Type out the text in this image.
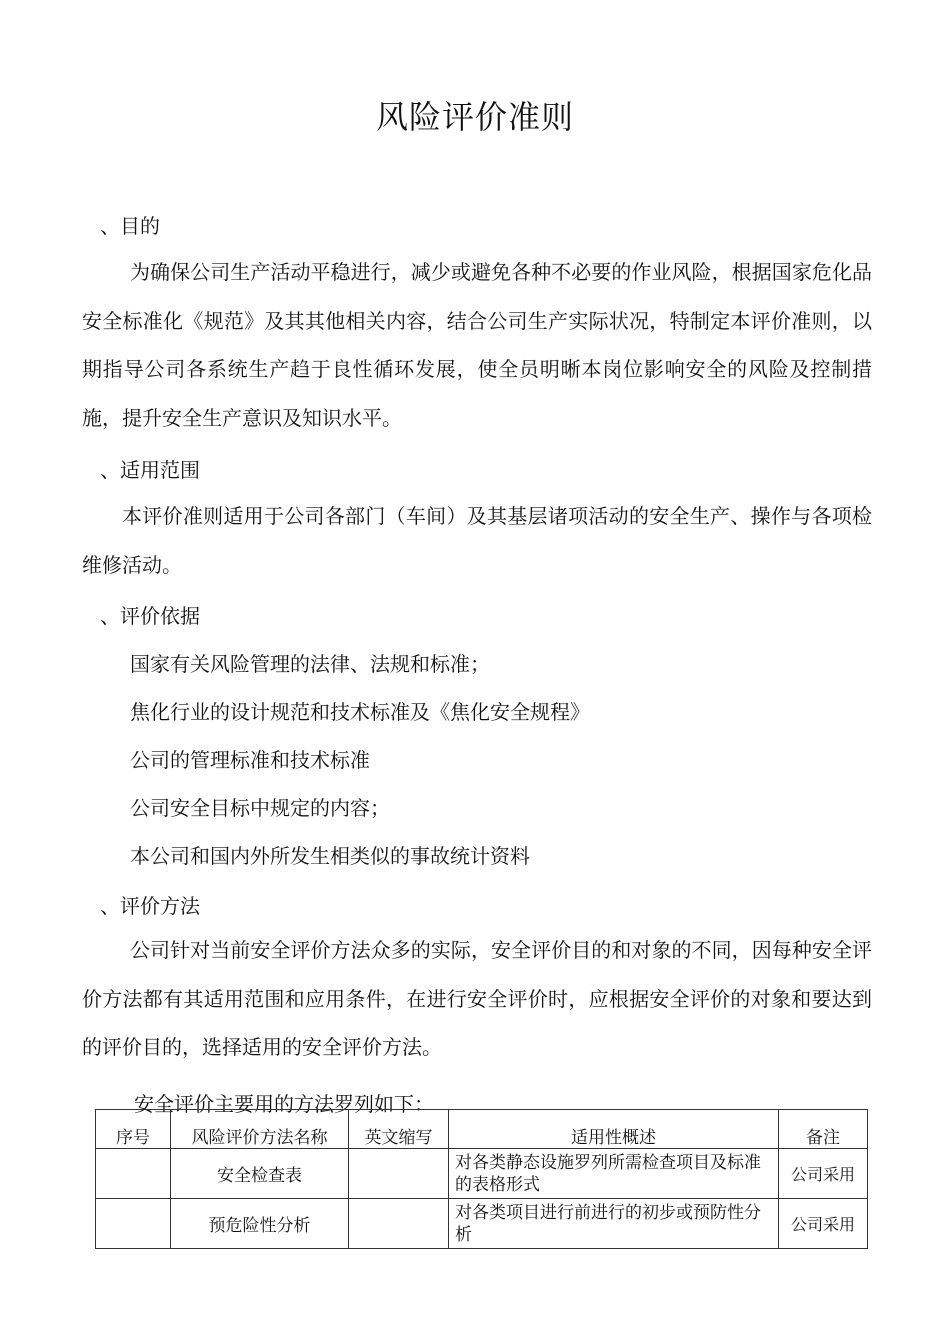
风险评价准则
、目的
为确保公司生产活动平稳进行，减少或避免各种不必要的作业风险，根据国家危化品安全标准化《规范》及其其他相关内容，结合公司生产实际状况，特制定本评价准则，以期指导公司各系统生产趋于良性循环发展，使全员明晰本岗位影响安全的风险及控制措施，提升安全生产意识及知识水平。
、适用范围
本评价准则适用于公司各部门（车间）及其基层诸项活动的安全生产、操作与各项检维修活动。
、评价依据
国家有关风险管理的法律、法规和标准；
焦化行业的设计规范和技术标准及《焦化安全规程》
公司的管理标准和技术标准
公司安全目标中规定的内容；
本公司和国内外所发生相类似的事故统计资料
、评价方法
公司针对当前安全评价方法众多的实际，安全评价目的和对象的不同，因每种安全评价方法都有其适用范围和应用条件，在进行安全评价时，应根据安全评价的对象和要达到的评价目的，选择适用的安全评价方法。
安全评价主要用的方法罗列如下：
序号	风险评价方法名称	英文缩写	适用性概述	备注
	安全检查表		对各类静态设施罗列所需检查项目及标准的表格形式	公司采用
	预危险性分析		对各类项目进行前进行的初步或预防性分析	公司采用
